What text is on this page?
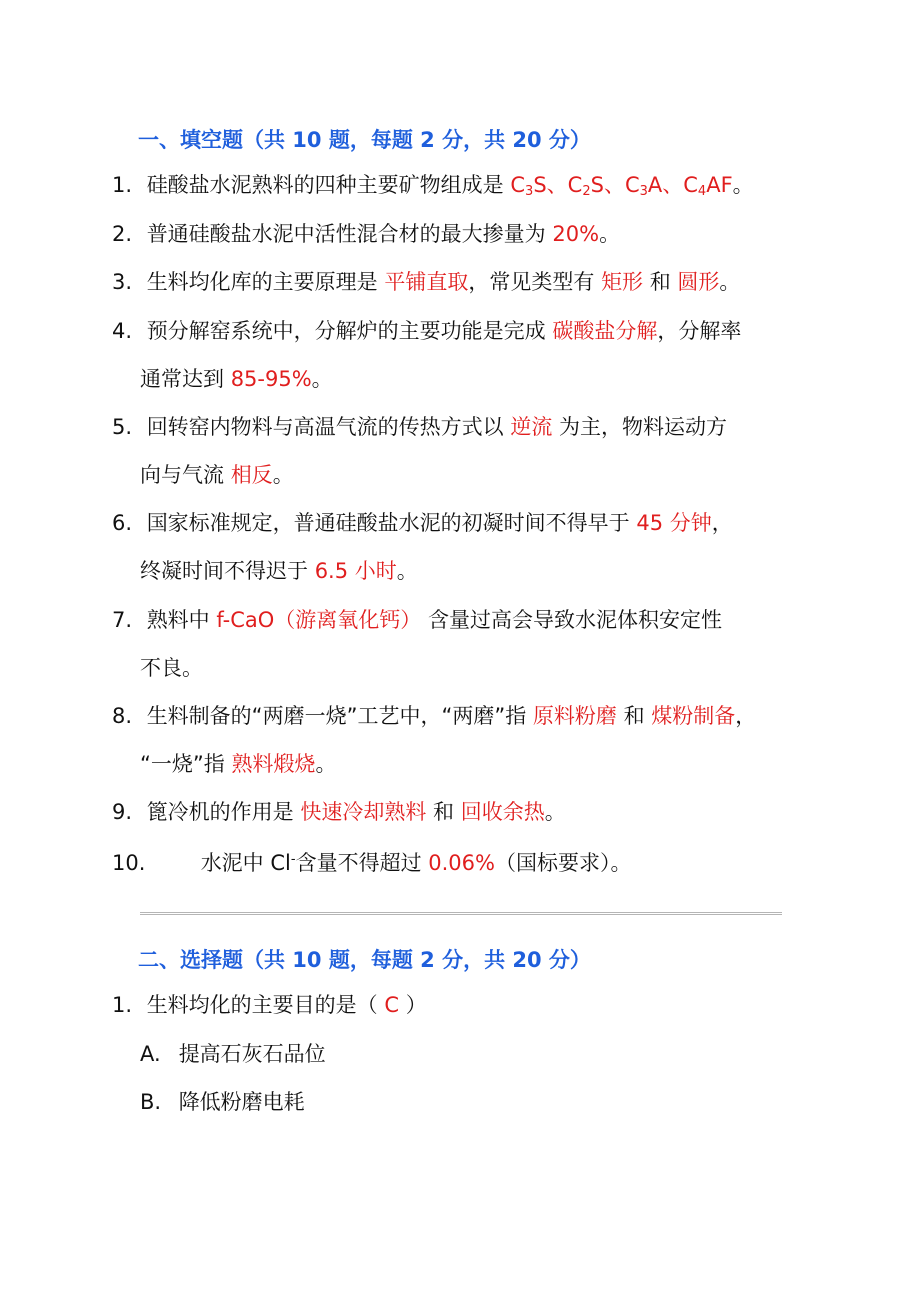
一、填空题（共 10 题，每题 2 分，共 20 分）
1. 硅酸盐水泥熟料的四种主要矿物组成是 $C_3S$、$C_2S$、$C_3A$、$C_4AF$。
2. 普通硅酸盐水泥中活性混合材的最大掺量为 20%。
3. 生料均化库的主要原理是 平铺直取，常见类型有 矩形 和 圆形。
4. 预分解窑系统中，分解炉的主要功能是完成 碳酸盐分解，分解率
通常达到 85-95%。
5. 回转窑内物料与高温气流的传热方式以 逆流 为主，物料运动方
向与气流 相反。
6. 国家标准规定，普通硅酸盐水泥的初凝时间不得早于 45 分钟，
终凝时间不得迟于 6.5 小时。
7. 熟料中 f-CaO（游离氧化钙） 含量过高会导致水泥体积安定性
不良。
8. 生料制备的“两磨一烧”工艺中，“两磨”指 原料粉磨 和 煤粉制备，
“一烧”指 熟料煅烧。
9. 篦冷机的作用是 快速冷却熟料 和 回收余热。
10.	水泥中 Cl-含量不得超过 0.06%（国标要求）。
二、选择题（共 10 题，每题 2 分，共 20 分）
1. 生料均化的主要目的是（ C ）
A. 提高石灰石品位
B. 降低粉磨电耗
